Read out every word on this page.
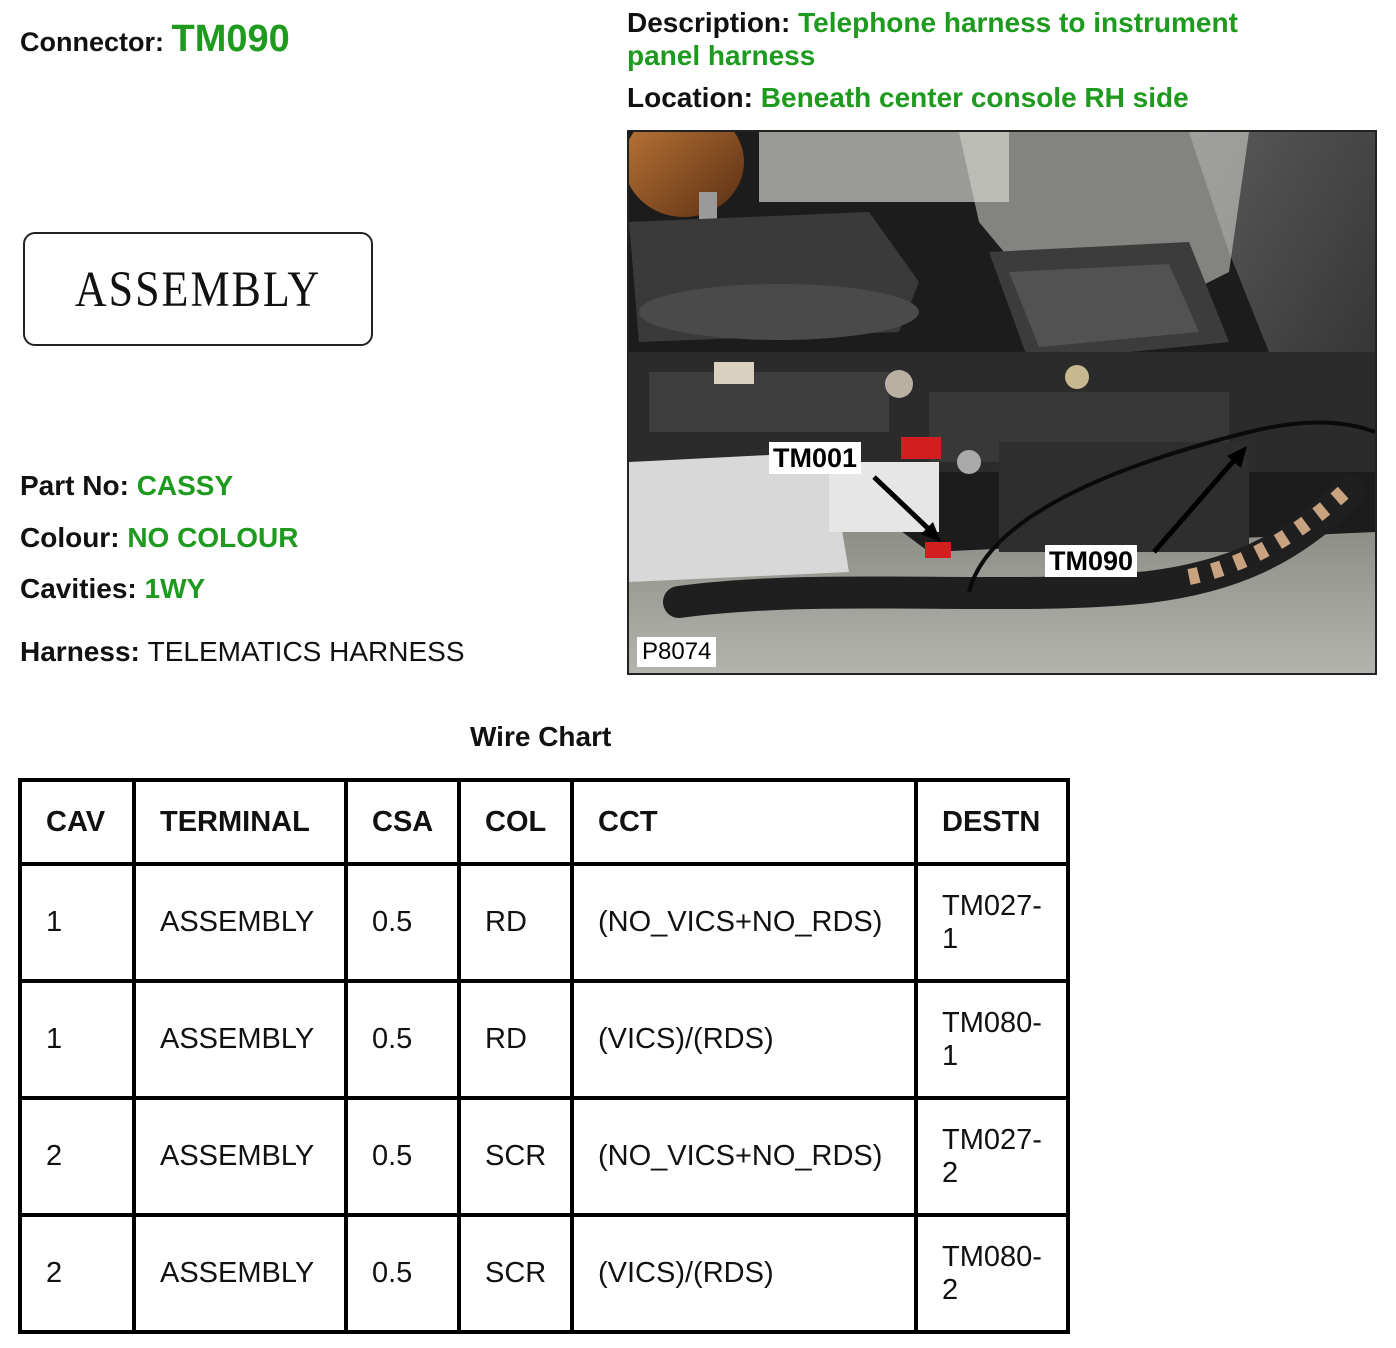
Connector: TM090	Description: Telephone harness to instrument panel harness
Location: Beneath center console RH side
ASSEMBLY
Part No: CASSY
Colour: NO COLOUR
Cavities: 1WY
Harness: TELEMATICS HARNESS
TM001
TM090
P8074
Wire Chart
CAV	TERMINAL	CSA	COL	CCT	DESTN
1	ASSEMBLY	0.5	RD	(NO_VICS+NO_RDS)	TM027-1
1	ASSEMBLY	0.5	RD	(VICS)/(RDS)	TM080-1
2	ASSEMBLY	0.5	SCR	(NO_VICS+NO_RDS)	TM027-2
2	ASSEMBLY	0.5	SCR	(VICS)/(RDS)	TM080-2
